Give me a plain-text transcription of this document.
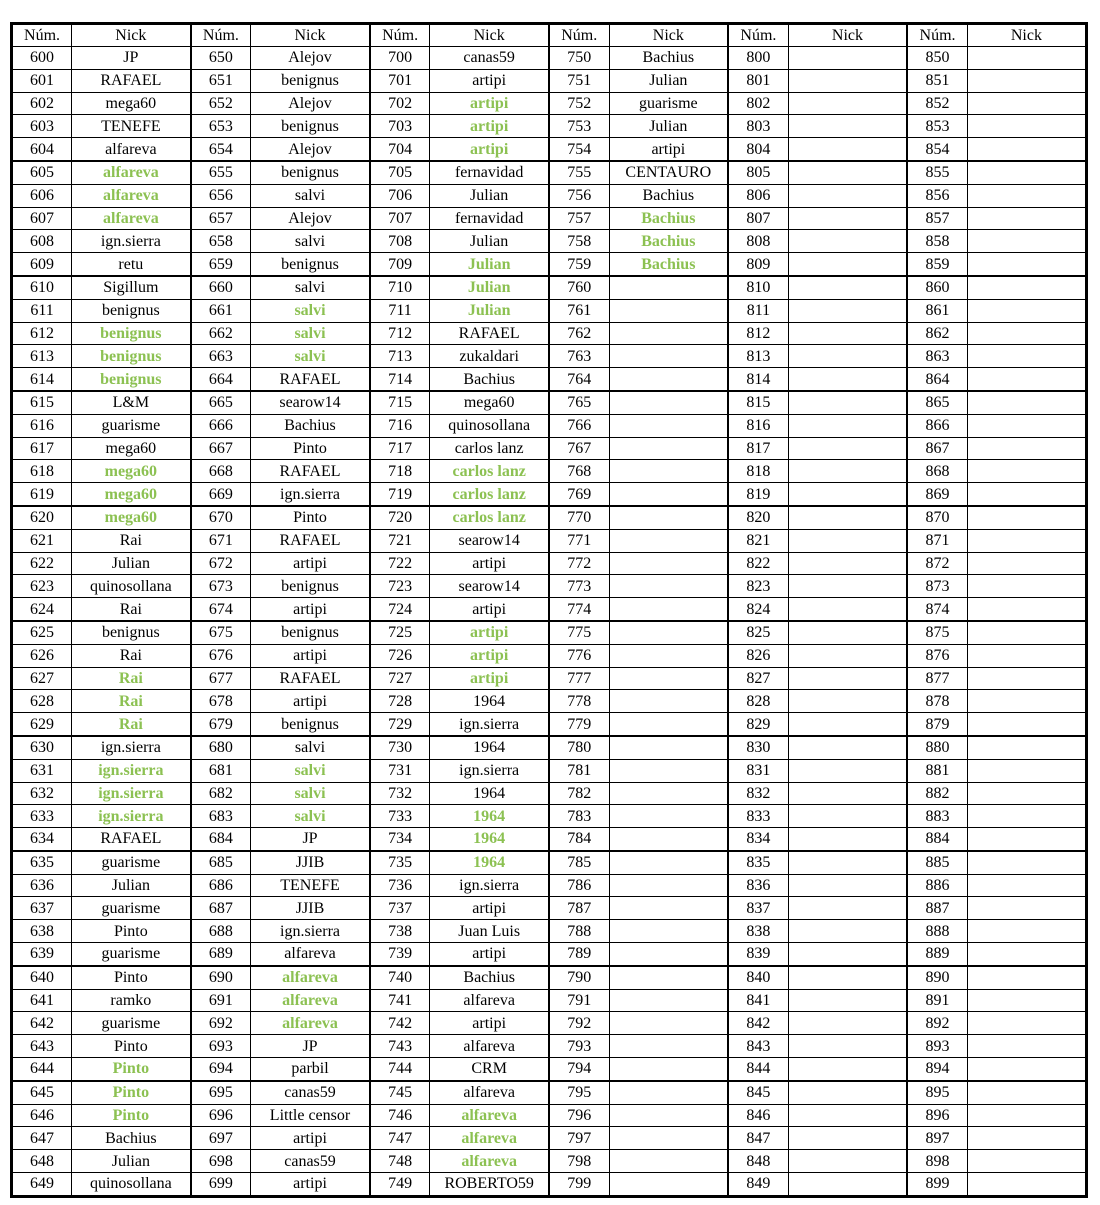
Núm.	Nick	Núm.	Nick	Núm.	Nick	Núm.	Nick	Núm.	Nick	Núm.	Nick
600	JP	650	Alejov	700	canas59	750	Bachius	800		850	
601	RAFAEL	651	benignus	701	artipi	751	Julian	801		851	
602	mega60	652	Alejov	702	artipi	752	guarisme	802		852	
603	TENEFE	653	benignus	703	artipi	753	Julian	803		853	
604	alfareva	654	Alejov	704	artipi	754	artipi	804		854	
605	alfareva	655	benignus	705	fernavidad	755	CENTAURO	805		855	
606	alfareva	656	salvi	706	Julian	756	Bachius	806		856	
607	alfareva	657	Alejov	707	fernavidad	757	Bachius	807		857	
608	ign.sierra	658	salvi	708	Julian	758	Bachius	808		858	
609	retu	659	benignus	709	Julian	759	Bachius	809		859	
610	Sigillum	660	salvi	710	Julian	760		810		860	
611	benignus	661	salvi	711	Julian	761		811		861	
612	benignus	662	salvi	712	RAFAEL	762		812		862	
613	benignus	663	salvi	713	zukaldari	763		813		863	
614	benignus	664	RAFAEL	714	Bachius	764		814		864	
615	L&M	665	searow14	715	mega60	765		815		865	
616	guarisme	666	Bachius	716	quinosollana	766		816		866	
617	mega60	667	Pinto	717	carlos lanz	767		817		867	
618	mega60	668	RAFAEL	718	carlos lanz	768		818		868	
619	mega60	669	ign.sierra	719	carlos lanz	769		819		869	
620	mega60	670	Pinto	720	carlos lanz	770		820		870	
621	Rai	671	RAFAEL	721	searow14	771		821		871	
622	Julian	672	artipi	722	artipi	772		822		872	
623	quinosollana	673	benignus	723	searow14	773		823		873	
624	Rai	674	artipi	724	artipi	774		824		874	
625	benignus	675	benignus	725	artipi	775		825		875	
626	Rai	676	artipi	726	artipi	776		826		876	
627	Rai	677	RAFAEL	727	artipi	777		827		877	
628	Rai	678	artipi	728	1964	778		828		878	
629	Rai	679	benignus	729	ign.sierra	779		829		879	
630	ign.sierra	680	salvi	730	1964	780		830		880	
631	ign.sierra	681	salvi	731	ign.sierra	781		831		881	
632	ign.sierra	682	salvi	732	1964	782		832		882	
633	ign.sierra	683	salvi	733	1964	783		833		883	
634	RAFAEL	684	JP	734	1964	784		834		884	
635	guarisme	685	JJIB	735	1964	785		835		885	
636	Julian	686	TENEFE	736	ign.sierra	786		836		886	
637	guarisme	687	JJIB	737	artipi	787		837		887	
638	Pinto	688	ign.sierra	738	Juan Luis	788		838		888	
639	guarisme	689	alfareva	739	artipi	789		839		889	
640	Pinto	690	alfareva	740	Bachius	790		840		890	
641	ramko	691	alfareva	741	alfareva	791		841		891	
642	guarisme	692	alfareva	742	artipi	792		842		892	
643	Pinto	693	JP	743	alfareva	793		843		893	
644	Pinto	694	parbil	744	CRM	794		844		894	
645	Pinto	695	canas59	745	alfareva	795		845		895	
646	Pinto	696	Little censor	746	alfareva	796		846		896	
647	Bachius	697	artipi	747	alfareva	797		847		897	
648	Julian	698	canas59	748	alfareva	798		848		898	
649	quinosollana	699	artipi	749	ROBERTO59	799		849		899	
